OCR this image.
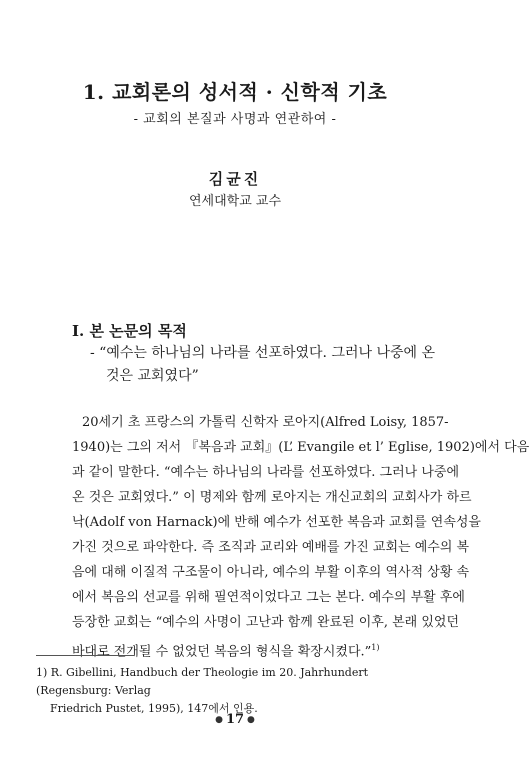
1. 교회론의 성서적 · 신학적 기초
- 교회의 본질과 사명과 연관하여 -
김균진
연세대학교 교수
I. 본 논문의 목적
- “예수는 하나님의 나라를 선포하였다. 그러나 나중에 온
것은 교회였다”
20세기 초 프랑스의 가톨릭 신학자 로아지(Alfred Loisy, 1857-
1940)는 그의 저서 『복음과 교회』(L’ Evangile et l’ Eglise, 1902)에서 다음
과 같이 말한다. “예수는 하나님의 나라를 선포하였다. 그러나 나중에
온 것은 교회였다.” 이 명제와 함께 로아지는 개신교회의 교회사가 하르
낙(Adolf von Harnack)에 반해 예수가 선포한 복음과 교회를 연속성을
가진 것으로 파악한다. 즉 조직과 교리와 예배를 가진 교회는 예수의 복
음에 대해 이질적 구조물이 아니라, 예수의 부활 이후의 역사적 상황 속
에서 복음의 선교를 위해 필연적이었다고 그는 본다. 예수의 부활 후에
등장한 교회는 “예수의 사명이 고난과 함께 완료된 이후, 본래 있었던
바대로 전개될 수 없었던 복음의 형식을 확장시켰다.”$^{1)}$
1) R. Gibellini, Handbuch der Theologie im 20. Jahrhundert (Regensburg: Verlag
Friedrich Pustet, 1995), 147에서 인용.
● 17 ●
